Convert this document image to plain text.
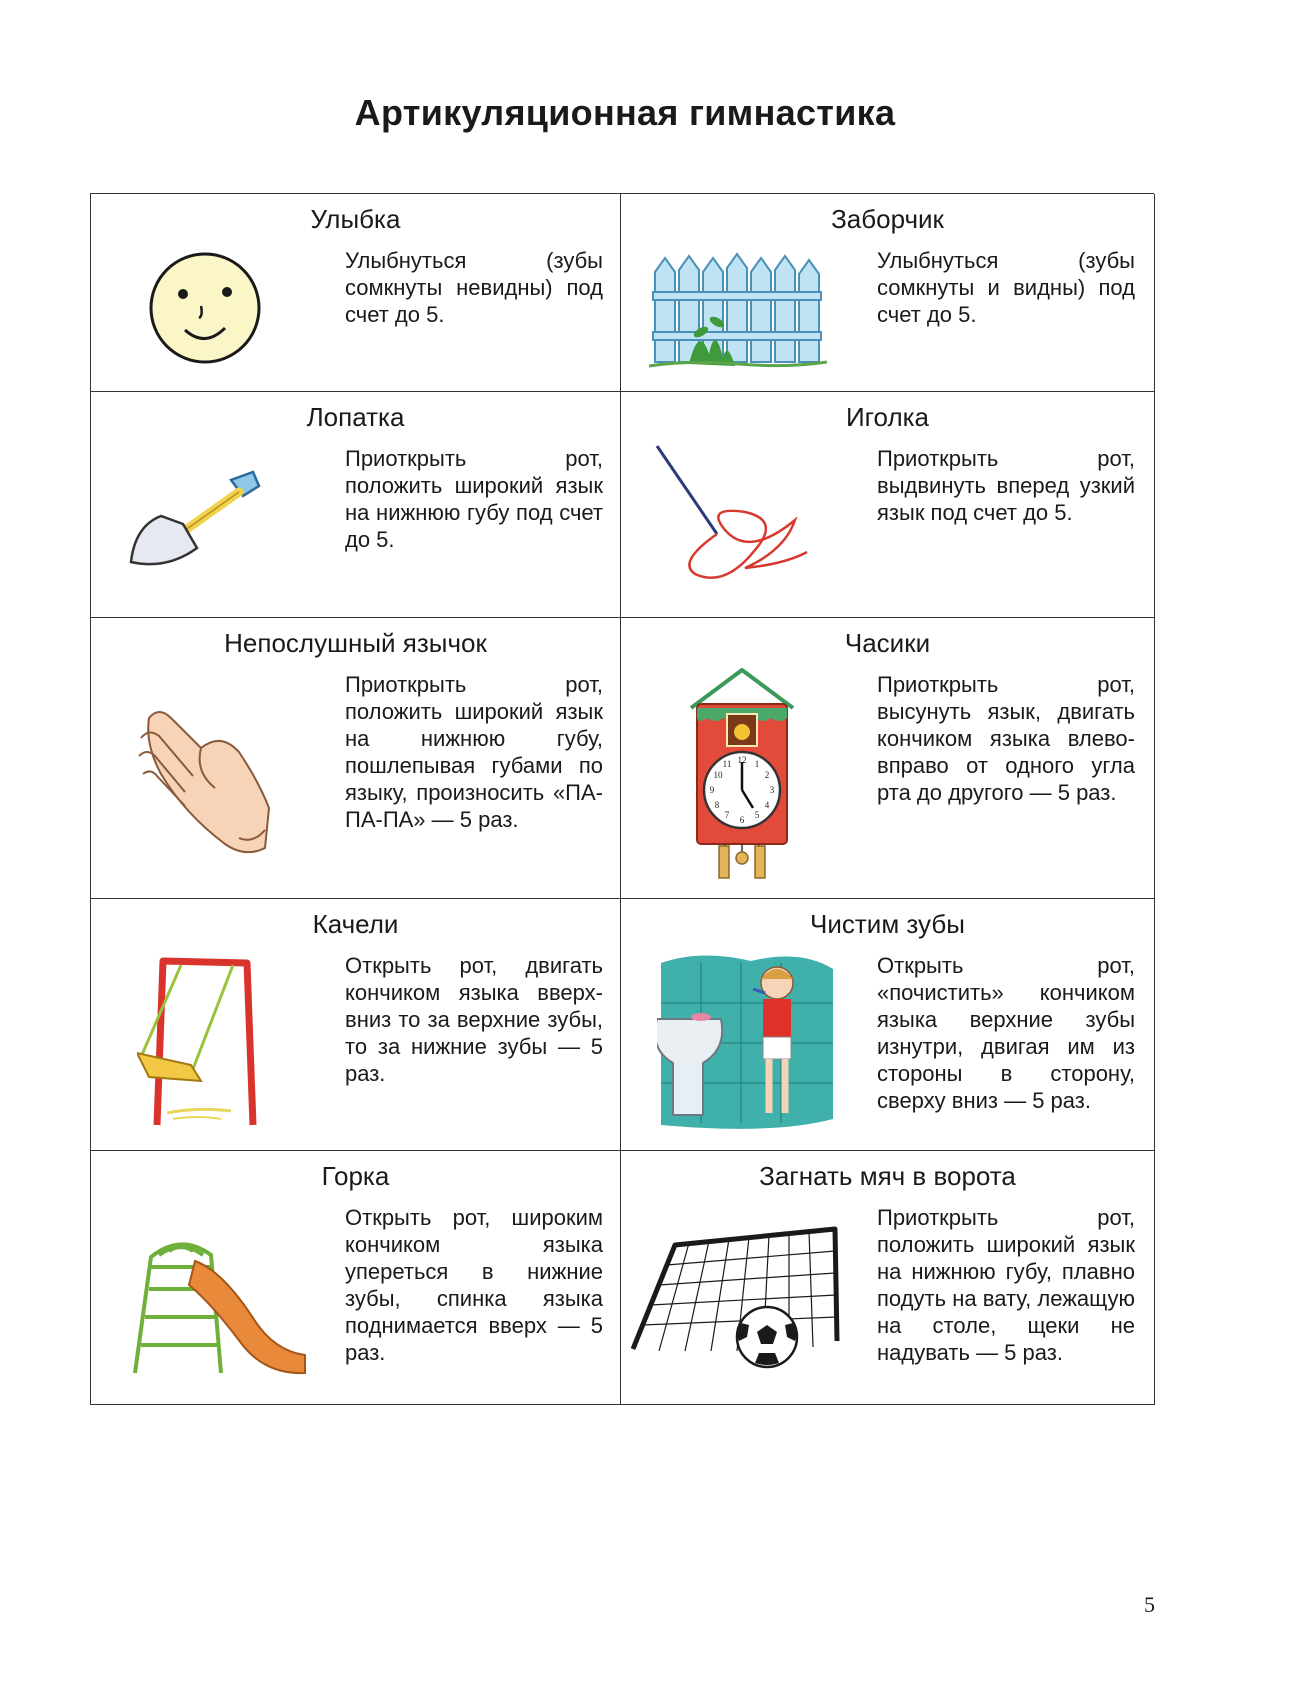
Артикуляционная гимнастика
Улыбка
Улыбнуться (зубы сомкнуты невидны) под счет до 5.
Заборчик
Улыбнуться (зубы сомкнуты и видны) под счет до 5.
Лопатка
Приоткрыть рот, положить широкий язык на нижнюю губу под счет до 5.
Иголка
Приоткрыть рот, выдвинуть вперед узкий язык под счет до 5.
Непослушный язычок
Приоткрыть рот, положить широкий язык на нижнюю губу, пошлепывая губами по языку, произносить «ПА-ПА-ПА» — 5 раз.
Часики
12 1
2
3
4
5
6
7
8
9
10
11
Приоткрыть рот, высунуть язык, двигать кончиком языка влево-вправо от одного угла рта до другого — 5 раз.
Качели
Открыть рот, двигать кончиком языка вверх-вниз то за верхние зубы, то за нижние зубы — 5 раз.
Чистим зубы
Открыть рот, «почистить» кончиком языка верхние зубы изнутри, двигая им из стороны в сторону, сверху вниз — 5 раз.
Горка
Открыть рот, широким кончиком языка упереться в нижние зубы, спинка языка поднимается вверх — 5 раз.
Загнать мяч в ворота
Приоткрыть рот, положить широкий язык на нижнюю губу, плавно подуть на вату, лежащую на столе, щеки не надувать — 5 раз.
5
